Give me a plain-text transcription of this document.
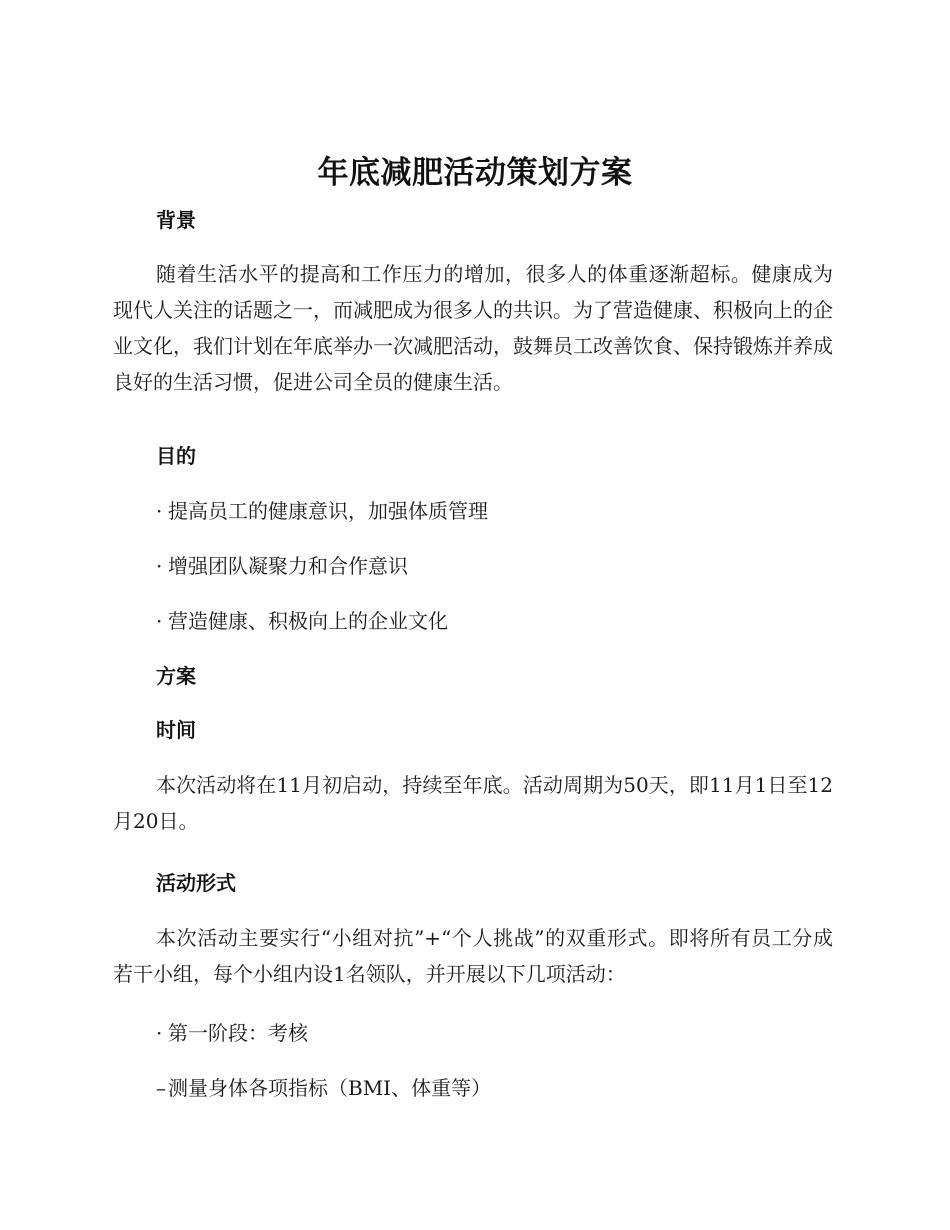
年底减肥活动策划方案
背景
随着生活水平的提高和工作压力的增加，很多人的体重逐渐超标。健康成为现代人关注的话题之一，而减肥成为很多人的共识。为了营造健康、积极向上的企业文化，我们计划在年底举办一次减肥活动，鼓舞员工改善饮食、保持锻炼并养成良好的生活习惯，促进公司全员的健康生活。
目的
· 提高员工的健康意识，加强体质管理
· 增强团队凝聚力和合作意识
· 营造健康、积极向上的企业文化
方案
时间
本次活动将在11月初启动，持续至年底。活动周期为50天，即11月1日至12月20日。
活动形式
本次活动主要实行“小组对抗”+“个人挑战”的双重形式。即将所有员工分成若干小组，每个小组内设1名领队，并开展以下几项活动：
· 第一阶段：考核
– 测量身体各项指标（BMI、体重等）
